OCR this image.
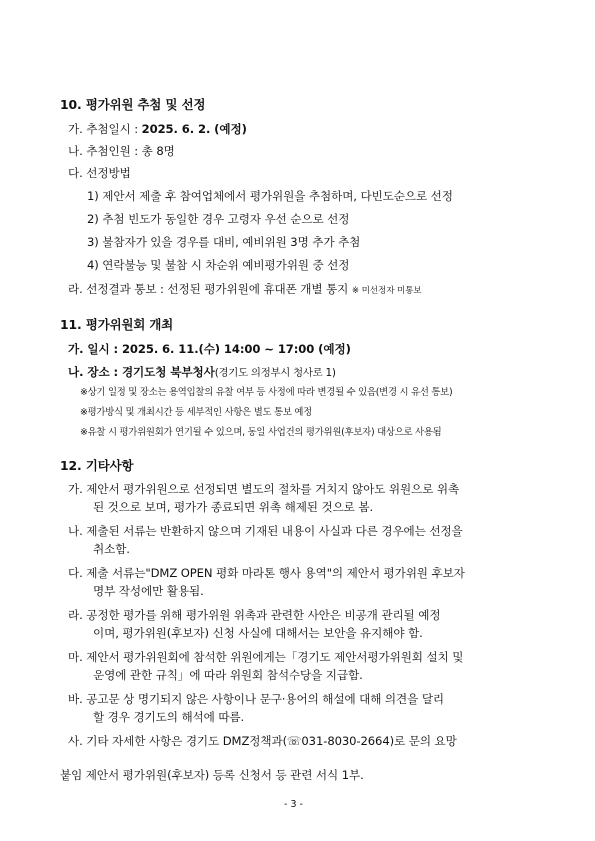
10. 평가위원 추첨 및 선정
가. 추첨일시 : 2025. 6. 2. (예정)
나. 추첨인원 : 총 8명
다. 선정방법
1) 제안서 제출 후 참여업체에서 평가위원을 추첨하며, 다빈도순으로 선정
2) 추첨 빈도가 동일한 경우 고령자 우선 순으로 선정
3) 불참자가 있을 경우를 대비, 예비위원 3명 추가 추첨
4) 연락불능 및 불참 시 차순위 예비평가위원 중 선정
라. 선정결과 통보 : 선정된 평가위원에 휴대폰 개별 통지 ※ 미선정자 미통보
11. 평가위원회 개최
가. 일시 : 2025. 6. 11.(수) 14:00 ~ 17:00 (예정)
나. 장소 : 경기도청 북부청사(경기도 의정부시 청사로 1)
※상기 일정 및 장소는 용역입찰의 유찰 여부 등 사정에 따라 변경될 수 있음(변경 시 유선 통보)
※평가방식 및 개최시간 등 세부적인 사항은 별도 통보 예정
※유찰 시 평가위원회가 연기될 수 있으며, 동일 사업건의 평가위원(후보자) 대상으로 사용됨
12. 기타사항
가. 제안서 평가위원으로 선정되면 별도의 절차를 거치지 않아도 위원으로 위촉
된 것으로 보며, 평가가 종료되면 위촉 해제된 것으로 봄.
나. 제출된 서류는 반환하지 않으며 기재된 내용이 사실과 다른 경우에는 선정을
취소함.
다. 제출 서류는"DMZ OPEN 평화 마라톤 행사 용역"의 제안서 평가위원 후보자
명부 작성에만 활용됨.
라. 공정한 평가를 위해 평가위원 위촉과 관련한 사안은 비공개 관리될 예정
이며, 평가위원(후보자) 신청 사실에 대해서는 보안을 유지해야 함.
마. 제안서 평가위원회에 참석한 위원에게는「경기도 제안서평가위원회 설치 및
운영에 관한 규칙」에 따라 위원회 참석수당을 지급함.
바. 공고문 상 명기되지 않은 사항이나 문구·용어의 해설에 대해 의견을 달리
할 경우 경기도의 해석에 따름.
사. 기타 자세한 사항은 경기도 DMZ정책과(☏031-8030-2664)로 문의 요망
붙임 제안서 평가위원(후보자) 등록 신청서 등 관련 서식 1부.
- 3 -
